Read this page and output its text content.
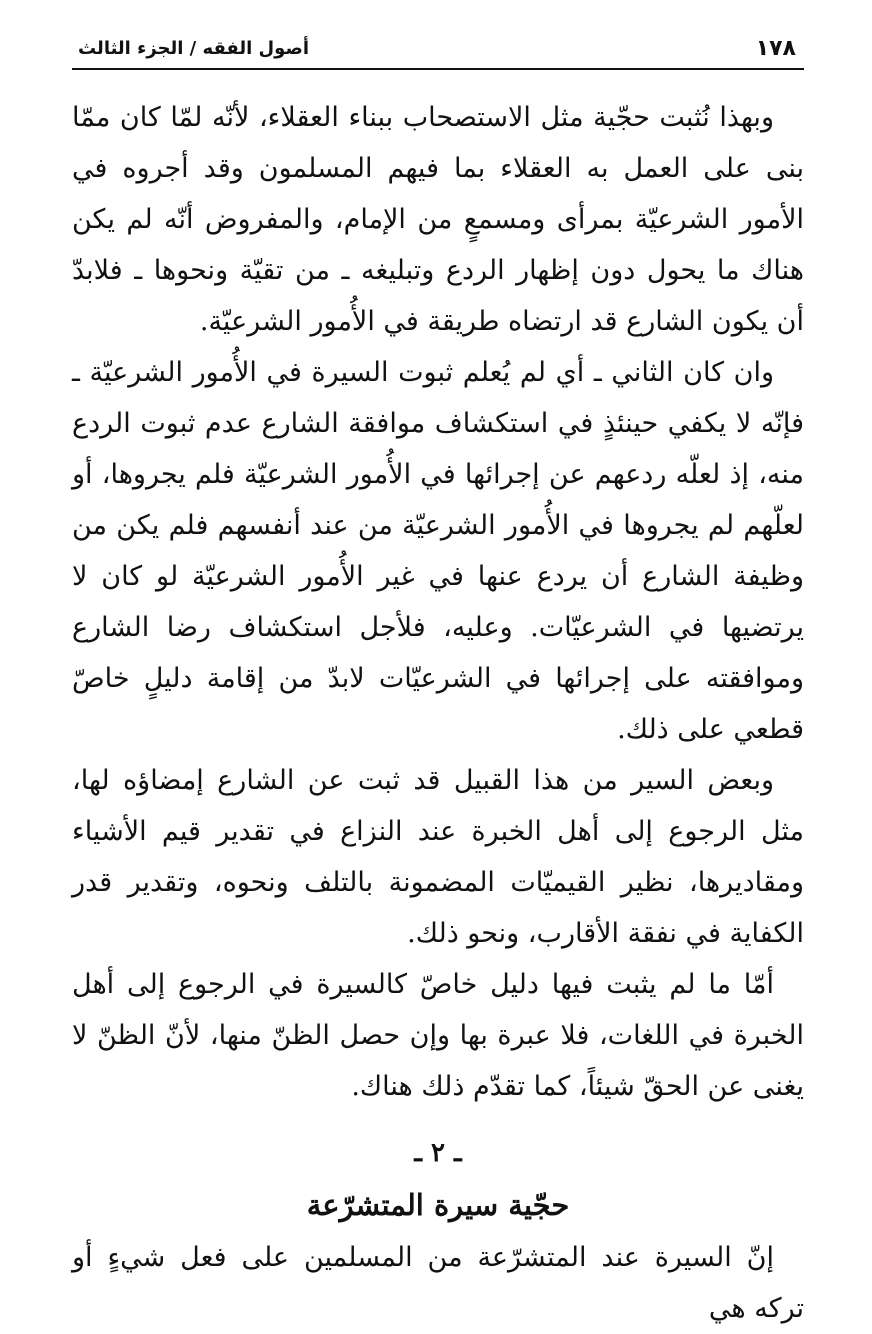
١٧٨
أصول الفقه / الجزء الثالث

وبهذا نُثبت حجّية مثل الاستصحاب ببناء العقلاء، لأنّه لمّا كان ممّا بنى على العمل به العقلاء بما فيهم المسلمون وقد أجروه في الأمور الشرعيّة بمرأى ومسمعٍ من الإمام، والمفروض أنّه لم يكن هناك ما يحول دون إظهار الردع وتبليغه ـ من تقيّة ونحوها ـ فلابدّ أن يكون الشارع قد ارتضاه طريقة في الأُمور الشرعيّة.

وان كان الثاني ـ أي لم يُعلم ثبوت السيرة في الأُمور الشرعيّة ـ فإنّه لا يكفي حينئذٍ في استكشاف موافقة الشارع عدم ثبوت الردع منه، إذ لعلّه ردعهم عن إجرائها في الأُمور الشرعيّة فلم يجروها، أو لعلّهم لم يجروها في الأُمور الشرعيّة من عند أنفسهم فلم يكن من وظيفة الشارع أن يردع عنها في غير الأُمور الشرعيّة لو كان لا يرتضيها في الشرعيّات. وعليه، فلأجل استكشاف رضا الشارع وموافقته على إجرائها في الشرعيّات لابدّ من إقامة دليلٍ خاصّ قطعي على ذلك.

وبعض السير من هذا القبيل قد ثبت عن الشارع إمضاؤه لها، مثل الرجوع إلى أهل الخبرة عند النزاع في تقدير قيم الأشياء ومقاديرها، نظير القيميّات المضمونة بالتلف ونحوه، وتقدير قدر الكفاية في نفقة الأقارب، ونحو ذلك.

أمّا ما لم يثبت فيها دليل خاصّ كالسيرة في الرجوع إلى أهل الخبرة في اللغات، فلا عبرة بها وإن حصل الظنّ منها، لأنّ الظنّ لا يغنى عن الحقّ شيئاً، كما تقدّم ذلك هناك.

ـ ٢ ـ
حجّية سيرة المتشرّعة

إنّ السيرة عند المتشرّعة من المسلمين على فعل شيءٍ أو تركه هي
